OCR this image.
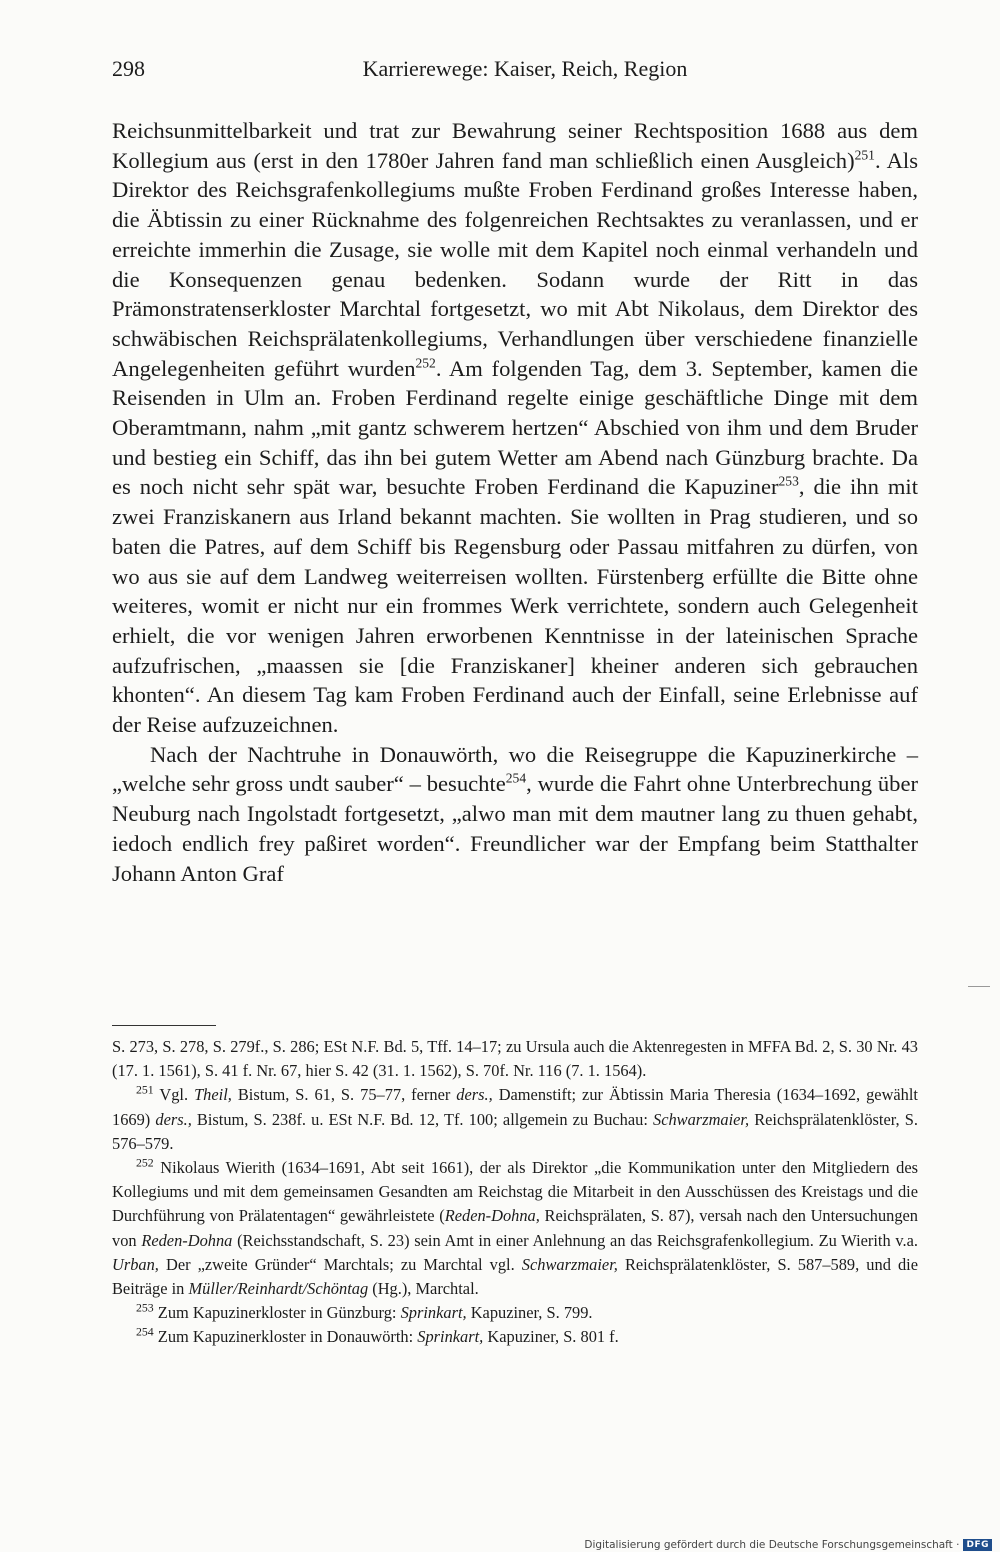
298	Karrierewege: Kaiser, Reich, Region

Reichsunmittelbarkeit und trat zur Bewahrung seiner Rechtsposition 1688 aus dem Kollegium aus (erst in den 1780er Jahren fand man schließlich einen Ausgleich)$^{251}$. Als Direktor des Reichsgrafenkollegiums mußte Froben Ferdinand großes Interesse haben, die Äbtissin zu einer Rücknahme des folgenreichen Rechtsaktes zu veranlassen, und er erreichte immerhin die Zusage, sie wolle mit dem Kapitel noch einmal verhandeln und die Konsequenzen genau bedenken. Sodann wurde der Ritt in das Prämonstratenserkloster Marchtal fortgesetzt, wo mit Abt Nikolaus, dem Direktor des schwäbischen Reichsprälatenkollegiums, Verhandlungen über verschiedene finanzielle Angelegenheiten geführt wurden$^{252}$. Am folgenden Tag, dem 3. September, kamen die Reisenden in Ulm an. Froben Ferdinand regelte einige geschäftliche Dinge mit dem Oberamtmann, nahm „mit gantz schwerem hertzen“ Abschied von ihm und dem Bruder und bestieg ein Schiff, das ihn bei gutem Wetter am Abend nach Günzburg brachte. Da es noch nicht sehr spät war, besuchte Froben Ferdinand die Kapuziner$^{253}$, die ihn mit zwei Franziskanern aus Irland bekannt machten. Sie wollten in Prag studieren, und so baten die Patres, auf dem Schiff bis Regensburg oder Passau mitfahren zu dürfen, von wo aus sie auf dem Landweg weiterreisen wollten. Fürstenberg erfüllte die Bitte ohne weiteres, womit er nicht nur ein frommes Werk verrichtete, sondern auch Gelegenheit erhielt, die vor wenigen Jahren erworbenen Kenntnisse in der lateinischen Sprache aufzufrischen, „maassen sie [die Franziskaner] kheiner anderen sich gebrauchen khonten“. An diesem Tag kam Froben Ferdinand auch der Einfall, seine Erlebnisse auf der Reise aufzuzeichnen.

Nach der Nachtruhe in Donauwörth, wo die Reisegruppe die Kapuzinerkirche – „welche sehr gross undt sauber“ – besuchte$^{254}$, wurde die Fahrt ohne Unterbrechung über Neuburg nach Ingolstadt fortgesetzt, „alwo man mit dem mautner lang zu thuen gehabt, iedoch endlich frey paßiret worden“. Freundlicher war der Empfang beim Statthalter Johann Anton Graf

S. 273, S. 278, S. 279f., S. 286; ESt N.F. Bd. 5, Tff. 14–17; zu Ursula auch die Aktenregesten in MFFA Bd. 2, S. 30 Nr. 43 (17. 1. 1561), S. 41 f. Nr. 67, hier S. 42 (31. 1. 1562), S. 70f. Nr. 116 (7. 1. 1564).

$^{251}$ Vgl. Theil, Bistum, S. 61, S. 75–77, ferner ders., Damenstift; zur Äbtissin Maria Theresia (1634–1692, gewählt 1669) ders., Bistum, S. 238f. u. ESt N.F. Bd. 12, Tf. 100; allgemein zu Buchau: Schwarzmaier, Reichsprälatenklöster, S. 576–579.

$^{252}$ Nikolaus Wierith (1634–1691, Abt seit 1661), der als Direktor „die Kommunikation unter den Mitgliedern des Kollegiums und mit dem gemeinsamen Gesandten am Reichstag die Mitarbeit in den Ausschüssen des Kreistags und die Durchführung von Prälatentagen“ gewährleistete (Reden-Dohna, Reichsprälaten, S. 87), versah nach den Untersuchungen von Reden-Dohna (Reichsstandschaft, S. 23) sein Amt in einer Anlehnung an das Reichsgrafenkollegium. Zu Wierith v.a. Urban, Der „zweite Gründer“ Marchtals; zu Marchtal vgl. Schwarzmaier, Reichsprälatenklöster, S. 587–589, und die Beiträge in Müller/Reinhardt/Schöntag (Hg.), Marchtal.

$^{253}$ Zum Kapuzinerkloster in Günzburg: Sprinkart, Kapuziner, S. 799.

$^{254}$ Zum Kapuzinerkloster in Donauwörth: Sprinkart, Kapuziner, S. 801 f.

Digitalisierung gefördert durch die Deutsche Forschungsgemeinschaft · DFG
